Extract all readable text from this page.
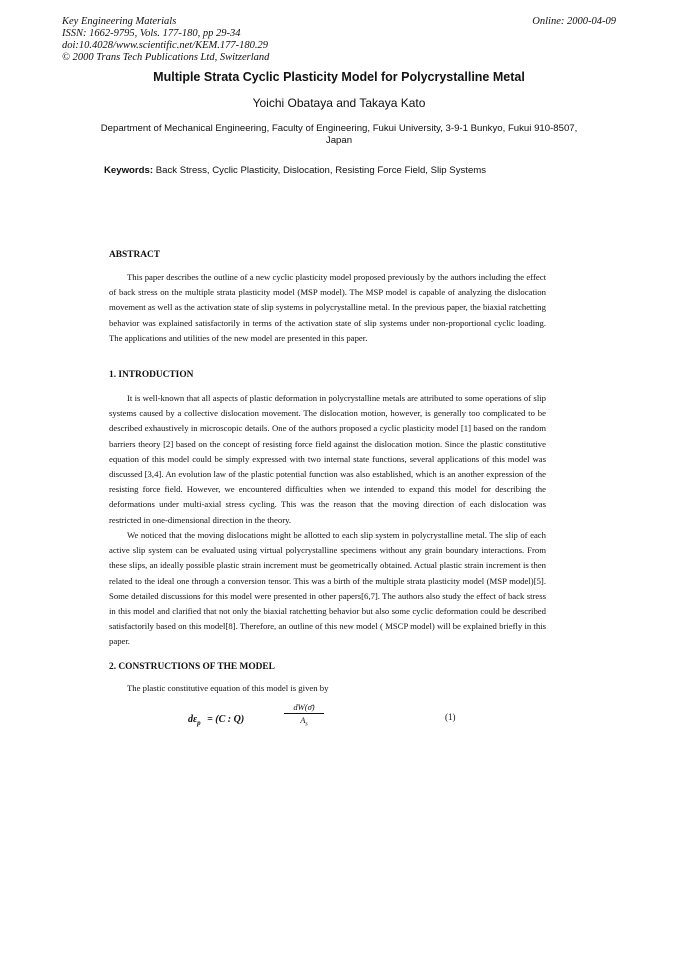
Key Engineering Materials
ISSN: 1662-9795, Vols. 177-180, pp 29-34
doi:10.4028/www.scientific.net/KEM.177-180.29
© 2000 Trans Tech Publications Ltd, Switzerland
Online: 2000-04-09
Multiple Strata Cyclic Plasticity Model for Polycrystalline Metal
Yoichi Obataya and Takaya Kato
Department of Mechanical Engineering, Faculty of Engineering, Fukui University, 3-9-1 Bunkyo, Fukui 910-8507, Japan
Keywords: Back Stress, Cyclic Plasticity, Dislocation, Resisting Force Field, Slip Systems
ABSTRACT

This paper describes the outline of a new cyclic plasticity model proposed previously by the authors including the effect of back stress on the multiple strata plasticity model (MSP model). The MSP model is capable of analyzing the dislocation movement as well as the activation state of slip systems in polycrystalline metal. In the previous paper, the biaxial ratchetting behavior was explained satisfactorily in terms of the activation state of slip systems under non-proportional cyclic loading. The applications and utilities of the new model are presented in this paper.

1. INTRODUCTION

It is well-known that all aspects of plastic deformation in polycrystalline metals are attributed to some operations of slip systems caused by a collective dislocation movement. The dislocation motion, however, is generally too complicated to be described exhaustively in microscopic details. One of the authors proposed a cyclic plasticity model [1] based on the random barriers theory [2] based on the concept of resisting force field against the dislocation motion. Since the plastic constitutive equation of this model could be simply expressed with two internal state functions, several applications of this model was discussed [3,4]. An evolution law of the plastic potential function was also established, which is an another expression of the resisting force field. However, we encountered difficulties when we intended to expand this model for describing the deformations under multi-axial stress cycling. This was the reason that the moving direction of each dislocation was restricted in one-dimensional direction in the theory.

We noticed that the moving dislocations might be allotted to each slip system in polycrystalline metal. The slip of each active slip system can be evaluated using virtual polycrystalline specimens without any grain boundary interactions. From these slips, an ideally possible plastic strain increment must be geometrically obtained. Actual plastic strain increment is then related to the ideal one through a conversion tensor. This was a birth of the multiple strata plasticity model (MSP model)[5]. Some detailed discussions for this model were presented in other papers[6,7]. The authors also study the effect of back stress in this model and clarified that not only the biaxial ratchetting behavior but also some cyclic deformation could be described satisfactorily based on this model[8]. Therefore, an outline of this new model ( MSCP model) will be explained briefly in this paper.

2. CONSTRUCTIONS OF THE MODEL

The plastic constitutive equation of this model is given by

$d\varepsilon_p = (C$ : Q)
dW(σ̄)
$A_s$
(1)
